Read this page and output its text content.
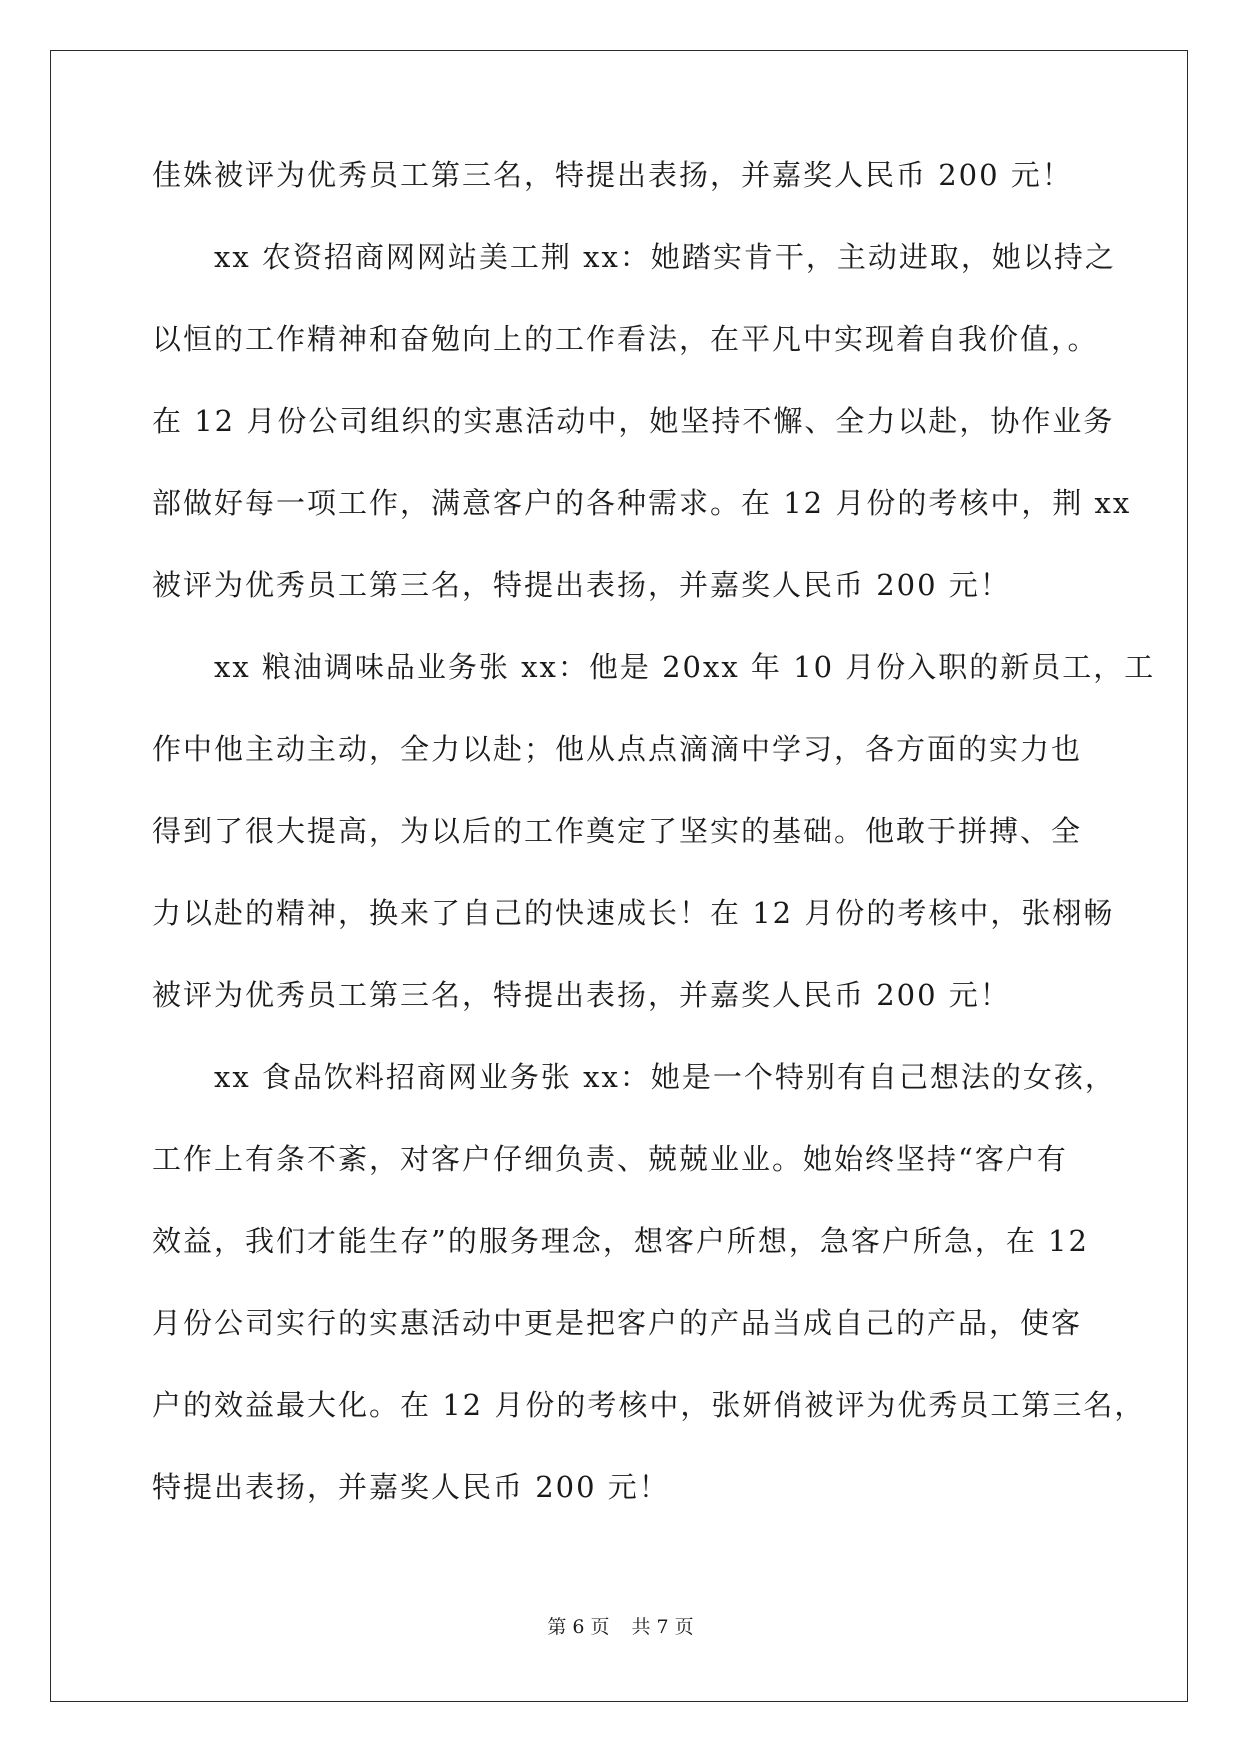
佳姝被评为优秀员工第三名，特提出表扬，并嘉奖人民币 200 元！
xx 农资招商网网站美工荆 xx：她踏实肯干，主动进取，她以持之
以恒的工作精神和奋勉向上的工作看法，在平凡中实现着自我价值，。
在 12 月份公司组织的实惠活动中，她坚持不懈、全力以赴，协作业务
部做好每一项工作，满意客户的各种需求。在 12 月份的考核中，荆 xx
被评为优秀员工第三名，特提出表扬，并嘉奖人民币 200 元！
xx 粮油调味品业务张 xx：他是 20xx 年 10 月份入职的新员工，工
作中他主动主动，全力以赴；他从点点滴滴中学习，各方面的实力也
得到了很大提高，为以后的工作奠定了坚实的基础。他敢于拼搏、全
力以赴的精神，换来了自己的快速成长！在 12 月份的考核中，张栩畅
被评为优秀员工第三名，特提出表扬，并嘉奖人民币 200 元！
xx 食品饮料招商网业务张 xx：她是一个特别有自己想法的女孩，
工作上有条不紊，对客户仔细负责、兢兢业业。她始终坚持“客户有
效益，我们才能生存”的服务理念，想客户所想，急客户所急，在 12
月份公司实行的实惠活动中更是把客户的产品当成自己的产品，使客
户的效益最大化。在 12 月份的考核中，张妍俏被评为优秀员工第三名，
特提出表扬，并嘉奖人民币 200 元！
第 6 页 共 7 页
